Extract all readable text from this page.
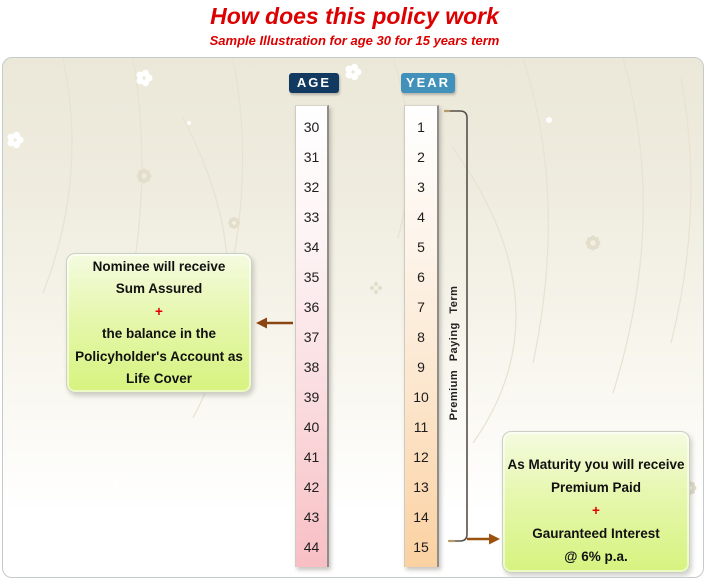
How does this policy work
Sample Illustration for age 30 for 15 years term
AGE	YEAR
30
31
32
33
34
35
36
37
38
39
40
41
42
43
44
1
2
3
4
5
6
7
8
9
10
11
12
13
14
15
Premium Paying Term
Nominee will receive
Sum Assured
+
the balance in the
Policyholder's Account as
Life Cover
As Maturity you will receive
Premium Paid
+
Gauranteed Interest
@ 6% p.a.
